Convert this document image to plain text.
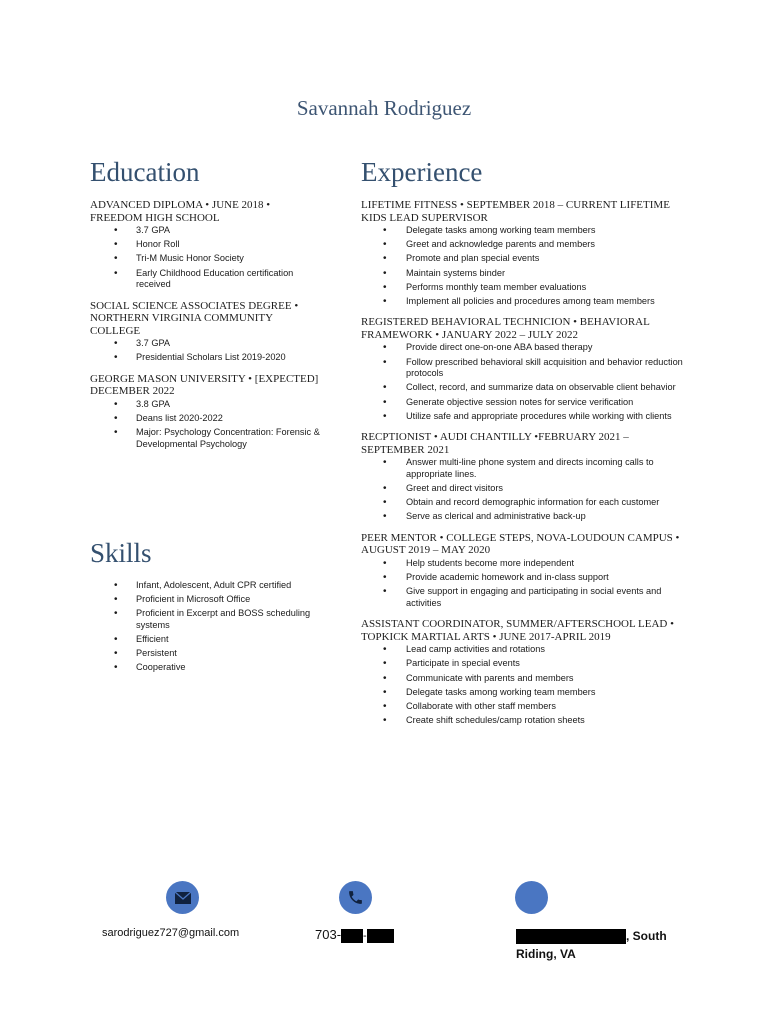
Savannah Rodriguez
Education
ADVANCED DIPLOMA • JUNE 2018 • FREEDOM HIGH SCHOOL
• 3.7 GPA
• Honor Roll
• Tri-M Music Honor Society
• Early Childhood Education certification received
SOCIAL SCIENCE ASSOCIATES DEGREE • NORTHERN VIRGINIA COMMUNITY COLLEGE
• 3.7 GPA
• Presidential Scholars List 2019-2020
GEORGE MASON UNIVERSITY • [EXPECTED] DECEMBER 2022
• 3.8 GPA
• Deans list 2020-2022
• Major: Psychology Concentration: Forensic & Developmental Psychology
Skills
• Infant, Adolescent, Adult CPR certified
• Proficient in Microsoft Office
• Proficient in Excerpt and BOSS scheduling systems
• Efficient
• Persistent
• Cooperative
Experience
LIFETIME FITNESS • SEPTEMBER 2018 – CURRENT LIFETIME KIDS LEAD SUPERVISOR
• Delegate tasks among working team members
• Greet and acknowledge parents and members
• Promote and plan special events
• Maintain systems binder
• Performs monthly team member evaluations
• Implement all policies and procedures among team members
REGISTERED BEHAVIORAL TECHNICION • BEHAVIORAL FRAMEWORK • JANUARY 2022 – JULY 2022
• Provide direct one-on-one ABA based therapy
• Follow prescribed behavioral skill acquisition and behavior reduction protocols
• Collect, record, and summarize data on observable client behavior
• Generate objective session notes for service verification
• Utilize safe and appropriate procedures while working with clients
RECPTIONIST • AUDI CHANTILLY •FEBRUARY 2021 – SEPTEMBER 2021
• Answer multi-line phone system and directs incoming calls to appropriate lines.
• Greet and direct visitors
• Obtain and record demographic information for each customer
• Serve as clerical and administrative back-up
PEER MENTOR • COLLEGE STEPS, NOVA-LOUDOUN CAMPUS • AUGUST 2019 – MAY 2020
• Help students become more independent
• Provide academic homework and in-class support
• Give support in engaging and participating in social events and activities
ASSISTANT COORDINATOR, SUMMER/AFTERSCHOOL LEAD • TOPKICK MARTIAL ARTS • JUNE 2017-APRIL 2019
• Lead camp activities and rotations
• Participate in special events
• Communicate with parents and members
• Delegate tasks among working team members
• Collaborate with other staff members
• Create shift schedules/camp rotation sheets
sarodriguez727@gmail.com	703- -	, South
Riding, VA
